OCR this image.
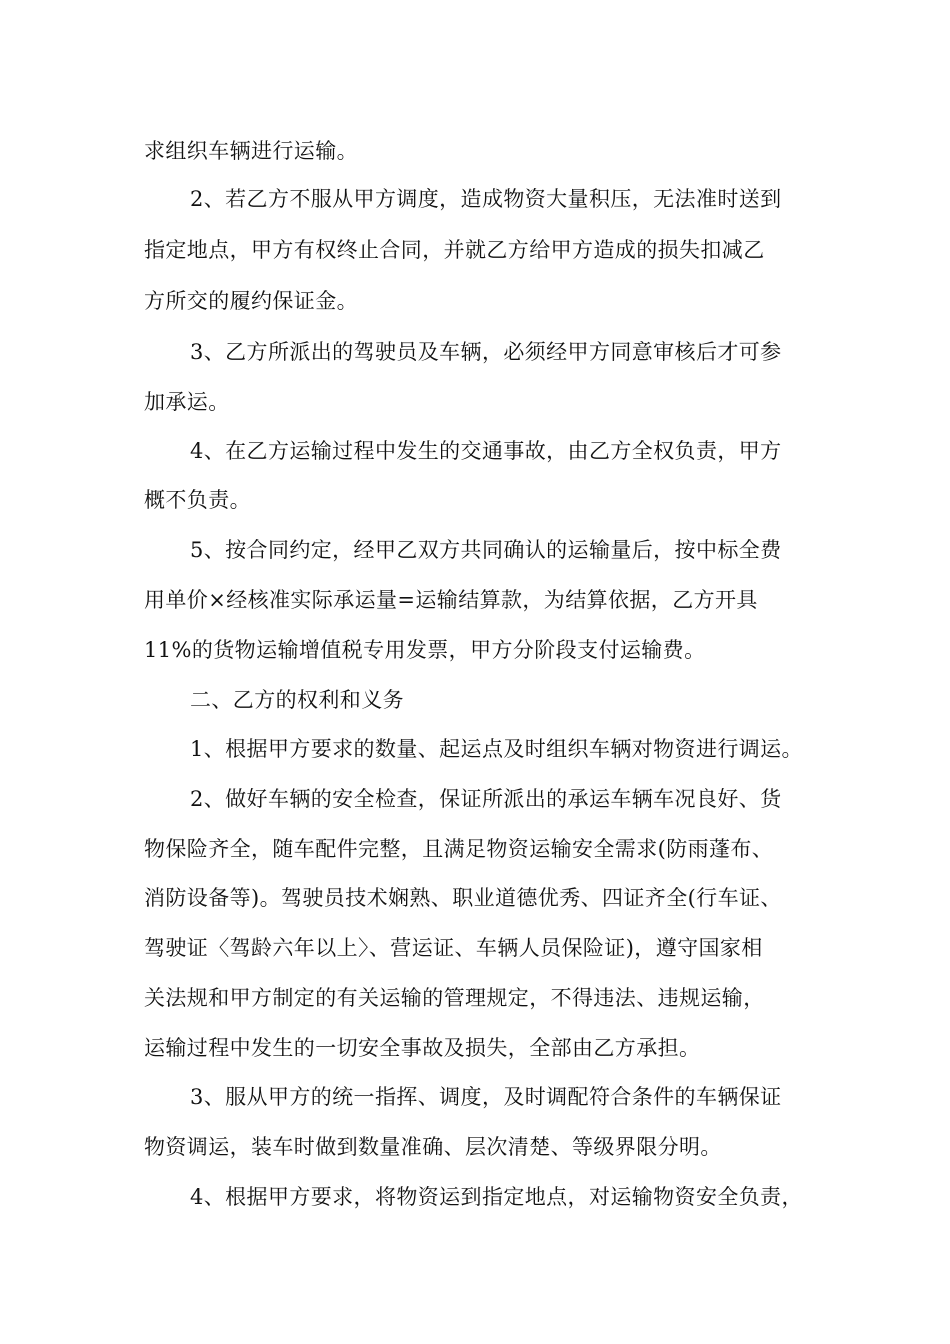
求组织车辆进行运输。
2、若乙方不服从甲方调度，造成物资大量积压，无法准时送到
指定地点，甲方有权终止合同，并就乙方给甲方造成的损失扣减乙
方所交的履约保证金。
3、乙方所派出的驾驶员及车辆，必须经甲方同意审核后才可参
加承运。
4、在乙方运输过程中发生的交通事故，由乙方全权负责，甲方
概不负责。
5、按合同约定，经甲乙双方共同确认的运输量后，按中标全费
用单价×经核准实际承运量=运输结算款，为结算依据，乙方开具
11%的货物运输增值税专用发票，甲方分阶段支付运输费。
二、乙方的权利和义务
1、根据甲方要求的数量、起运点及时组织车辆对物资进行调运。
2、做好车辆的安全检查，保证所派出的承运车辆车况良好、货
物保险齐全，随车配件完整，且满足物资运输安全需求(防雨蓬布、
消防设备等)。驾驶员技术娴熟、职业道德优秀、四证齐全(行车证、
驾驶证〈驾龄六年以上〉、营运证、车辆人员保险证)，遵守国家相
关法规和甲方制定的有关运输的管理规定，不得违法、违规运输，
运输过程中发生的一切安全事故及损失，全部由乙方承担。
3、服从甲方的统一指挥、调度，及时调配符合条件的车辆保证
物资调运，装车时做到数量准确、层次清楚、等级界限分明。
4、根据甲方要求，将物资运到指定地点，对运输物资安全负责，
